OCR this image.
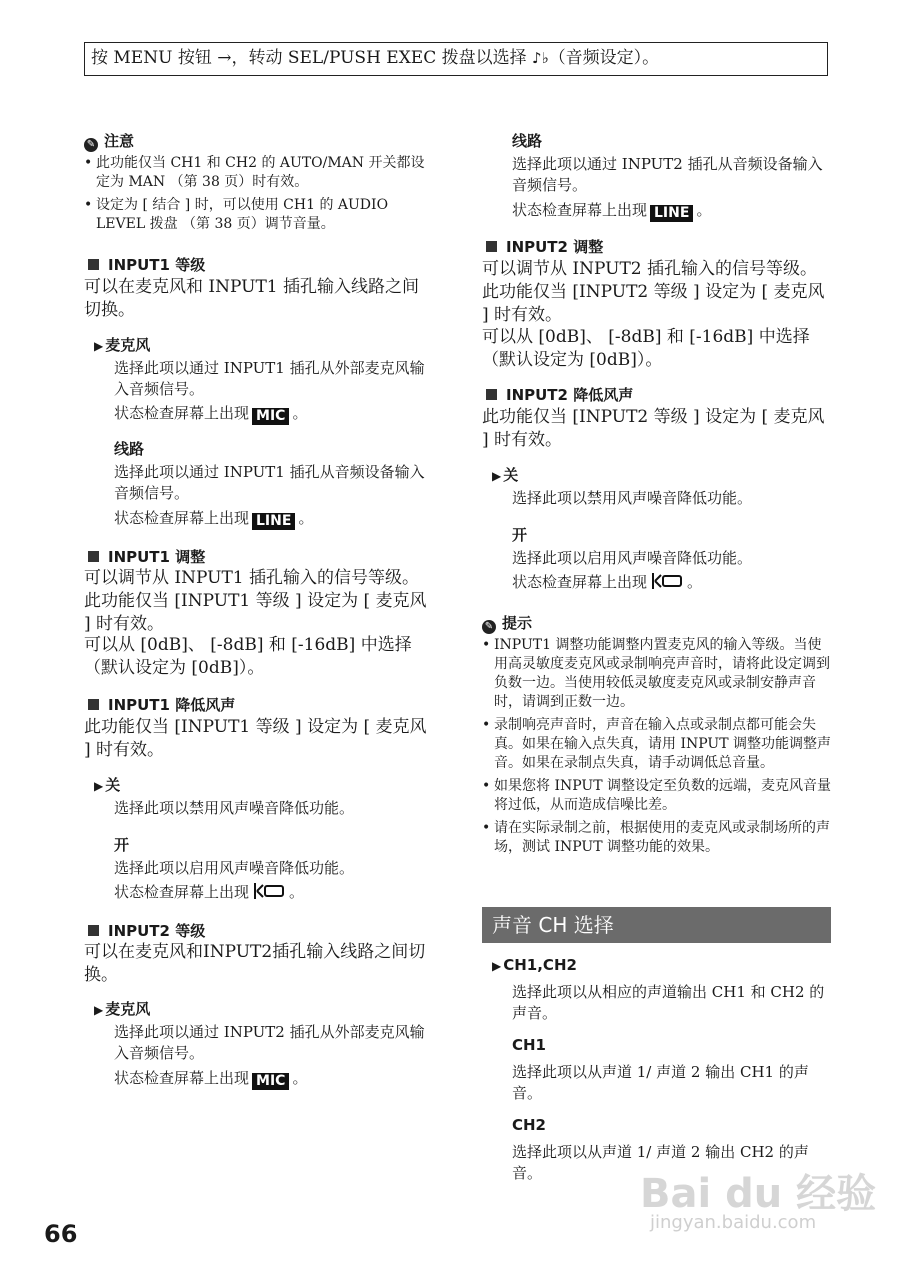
按 MENU 按钮 →，转动 SEL/PUSH EXEC 拨盘以选择 ♪♭（音频设定）。
✎ 注意
• 此功能仅当 CH1 和 CH2 的 AUTO/MAN 开关都设定为 MAN （第 38 页）时有效。
• 设定为 [ 结合 ] 时，可以使用 CH1 的 AUDIO LEVEL 拨盘 （第 38 页）调节音量。
INPUT1 等级

可以在麦克风和 INPUT1 插孔输入线路之间切换。

▶ 麦克风

选择此项以通过 INPUT1 插孔从外部麦克风输入音频信号。

状态检查屏幕上出现 MIC 。

线路

选择此项以通过 INPUT1 插孔从音频设备输入音频信号。

状态检查屏幕上出现 LINE 。

INPUT1 调整

可以调节从 INPUT1 插孔输入的信号等级。此功能仅当 [INPUT1 等级 ] 设定为 [ 麦克风 ] 时有效。

可以从 [0dB]、 [-8dB] 和 [-16dB] 中选择（默认设定为 [0dB]）。

INPUT1 降低风声

此功能仅当 [INPUT1 等级 ] 设定为 [ 麦克风 ] 时有效。

▶ 关

选择此项以禁用风声噪音降低功能。

开

选择此项以启用风声噪音降低功能。

状态检查屏幕上出现	。

INPUT2 等级

可以在麦克风和INPUT2插孔输入线路之间切换。

▶ 麦克风

选择此项以通过 INPUT2 插孔从外部麦克风输入音频信号。

状态检查屏幕上出现 MIC 。

线路

选择此项以通过 INPUT2 插孔从音频设备输入音频信号。

状态检查屏幕上出现 LINE 。

INPUT2 调整

可以调节从 INPUT2 插孔输入的信号等级。此功能仅当 [INPUT2 等级 ] 设定为 [ 麦克风 ] 时有效。

可以从 [0dB]、 [-8dB] 和 [-16dB] 中选择（默认设定为 [0dB]）。

INPUT2 降低风声

此功能仅当 [INPUT2 等级 ] 设定为 [ 麦克风 ] 时有效。

▶ 关

选择此项以禁用风声噪音降低功能。

开

选择此项以启用风声噪音降低功能。

状态检查屏幕上出现	。

✎ 提示
• INPUT1 调整功能调整内置麦克风的输入等级。当使用高灵敏度麦克风或录制响亮声音时，请将此设定调到负数一边。当使用较低灵敏度麦克风或录制安静声音时，请调到正数一边。
• 录制响亮声音时，声音在输入点或录制点都可能会失真。如果在输入点失真，请用 INPUT 调整功能调整声音。如果在录制点失真，请手动调低总音量。
• 如果您将 INPUT 调整设定至负数的远端，麦克风音量将过低，从而造成信噪比差。
• 请在实际录制之前，根据使用的麦克风或录制场所的声场，测试 INPUT 调整功能的效果。
声音 CH 选择
▶ CH1,CH2

选择此项以从相应的声道输出 CH1 和 CH2 的声音。

CH1

选择此项以从声道 1/ 声道 2 输出 CH1 的声音。

CH2

选择此项以从声道 1/ 声道 2 输出 CH2 的声音。

66
Bai du 经验
jingyan.baidu.com
